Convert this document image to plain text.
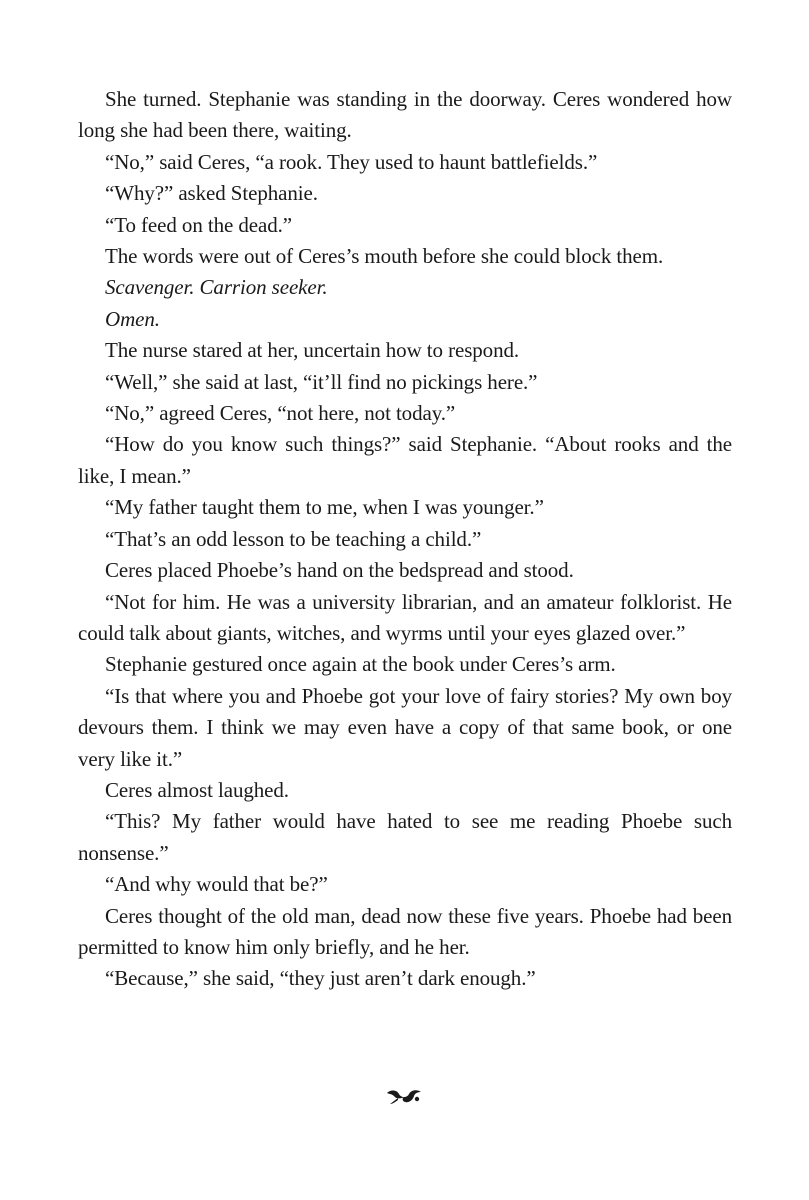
She turned. Stephanie was standing in the doorway. Ceres wondered how long she had been there, waiting.

“No,” said Ceres, “a rook. They used to haunt battlefields.”

“Why?” asked Stephanie.

“To feed on the dead.”

The words were out of Ceres’s mouth before she could block them.

Scavenger. Carrion seeker.

Omen.

The nurse stared at her, uncertain how to respond.

“Well,” she said at last, “it’ll find no pickings here.”

“No,” agreed Ceres, “not here, not today.”

“How do you know such things?” said Stephanie. “About rooks and the like, I mean.”

“My father taught them to me, when I was younger.”

“That’s an odd lesson to be teaching a child.”

Ceres placed Phoebe’s hand on the bedspread and stood.

“Not for him. He was a university librarian, and an amateur folklorist. He could talk about giants, witches, and wyrms until your eyes glazed over.”

Stephanie gestured once again at the book under Ceres’s arm.

“Is that where you and Phoebe got your love of fairy stories? My own boy devours them. I think we may even have a copy of that same book, or one very like it.”

Ceres almost laughed.

“This? My father would have hated to see me reading Phoebe such nonsense.”

“And why would that be?”

Ceres thought of the old man, dead now these five years. Phoebe had been permitted to know him only briefly, and he her.

“Because,” she said, “they just aren’t dark enough.”
